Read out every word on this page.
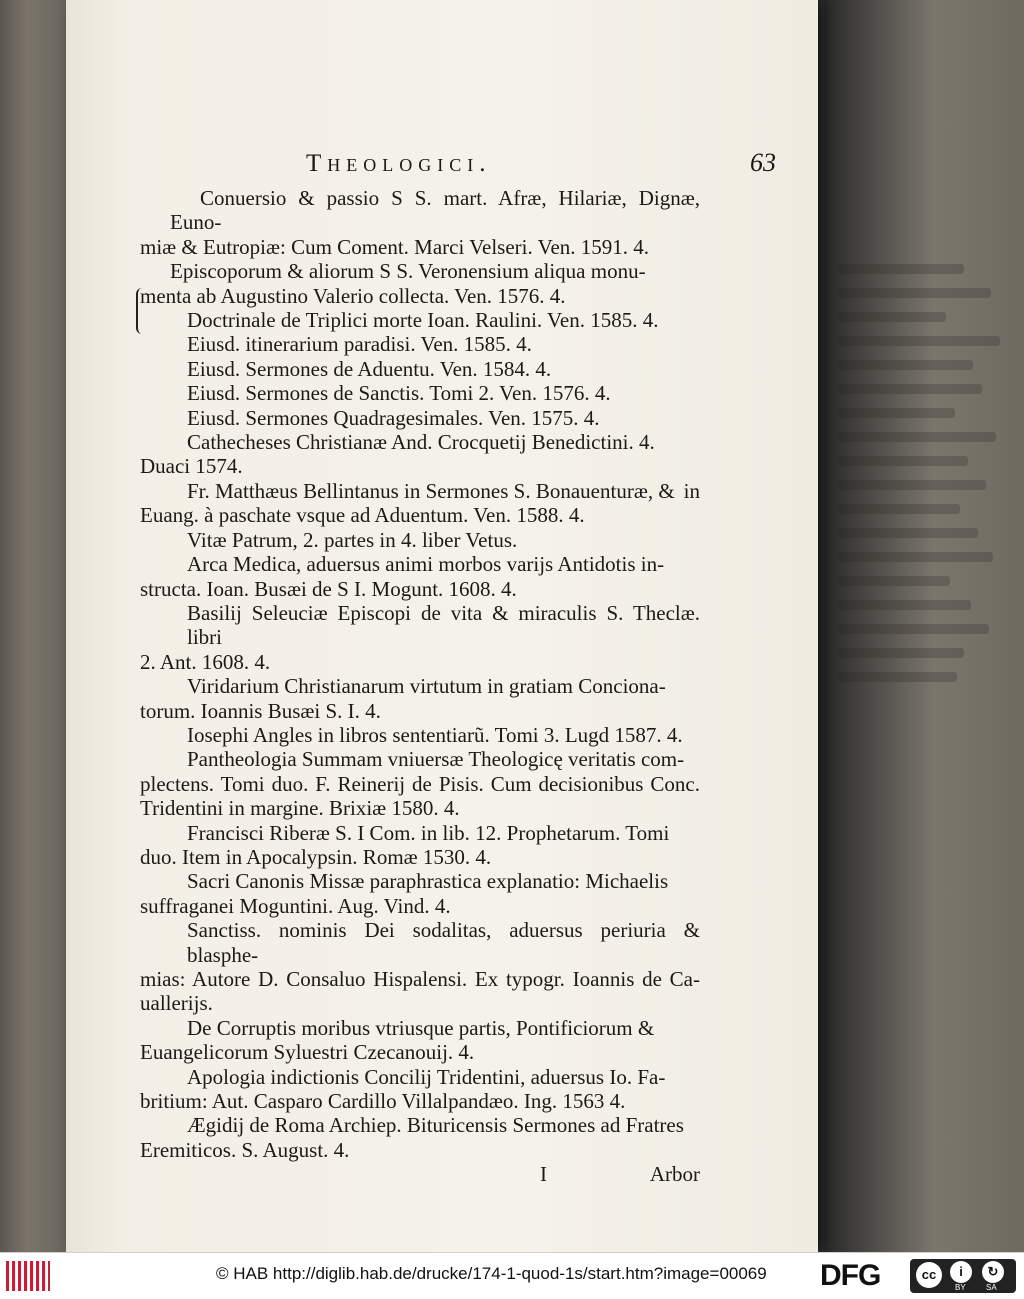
Theologici.	63

Conuersio & passio S S. mart. Afræ, Hilariæ, Dignæ, Euno- miæ & Eutropiæ: Cum Coment. Marci Velseri. Ven. 1591. 4.

Episcoporum & aliorum S S. Veronensium aliqua monu- menta ab Augustino Valerio collecta. Ven. 1576. 4.

Doctrinale de Triplici morte Ioan. Raulini. Ven. 1585. 4.

Eiusd. itinerarium paradisi. Ven. 1585. 4.

Eiusd. Sermones de Aduentu. Ven. 1584. 4.

Eiusd. Sermones de Sanctis. Tomi 2. Ven. 1576. 4.

Eiusd. Sermones Quadragesimales. Ven. 1575. 4.

Cathecheses Christianæ And. Crocquetij Benedictini. 4. Duaci 1574.

Fr. Matthæus Bellintanus in Sermones S. Bonauenturæ, & in Euang. à paschate vsque ad Aduentum. Ven. 1588. 4.

Vitæ Patrum, 2. partes in 4. liber Vetus.

Arca Medica, aduersus animi morbos varijs Antidotis in- structa. Ioan. Busæi de S I. Mogunt. 1608. 4.

Basilij Seleuciæ Episcopi de vita & miraculis S. Theclæ. libri 2. Ant. 1608. 4.

Viridarium Christianarum virtutum in gratiam Conciona- torum. Ioannis Busæi S. I. 4.

Iosephi Angles in libros sententiarũ. Tomi 3. Lugd 1587. 4.

Pantheologia Summam vniuersæ Theologicę veritatis com- plectens. Tomi duo. F. Reinerij de Pisis. Cum decisionibus Conc. Tridentini in margine. Brixiæ 1580. 4.

Francisci Riberæ S. I Com. in lib. 12. Prophetarum. Tomi duo. Item in Apocalypsin. Romæ 1530. 4.

Sacri Canonis Missæ paraphrastica explanatio: Michaelis suffraganei Moguntini. Aug. Vind. 4.

Sanctiss. nominis Dei sodalitas, aduersus periuria & blasphe- mias: Autore D. Consaluo Hispalensi. Ex typogr. Ioannis de Ca- uallerijs.

De Corruptis moribus vtriusque partis, Pontificiorum & Euangelicorum Syluestri Czecanouij. 4.

Apologia indictionis Concilij Tridentini, aduersus Io. Fa- britium: Aut. Casparo Cardillo Villalpandæo. Ing. 1563 4.

Ægidij de Roma Archiep. Bituricensis Sermones ad Fratres Eremiticos. S. August. 4.

I	Arbor
© HAB http://diglib.hab.de/drucke/174-1-quod-1s/start.htm?image=00069 DFG	cc	i
BY
↻
SA
